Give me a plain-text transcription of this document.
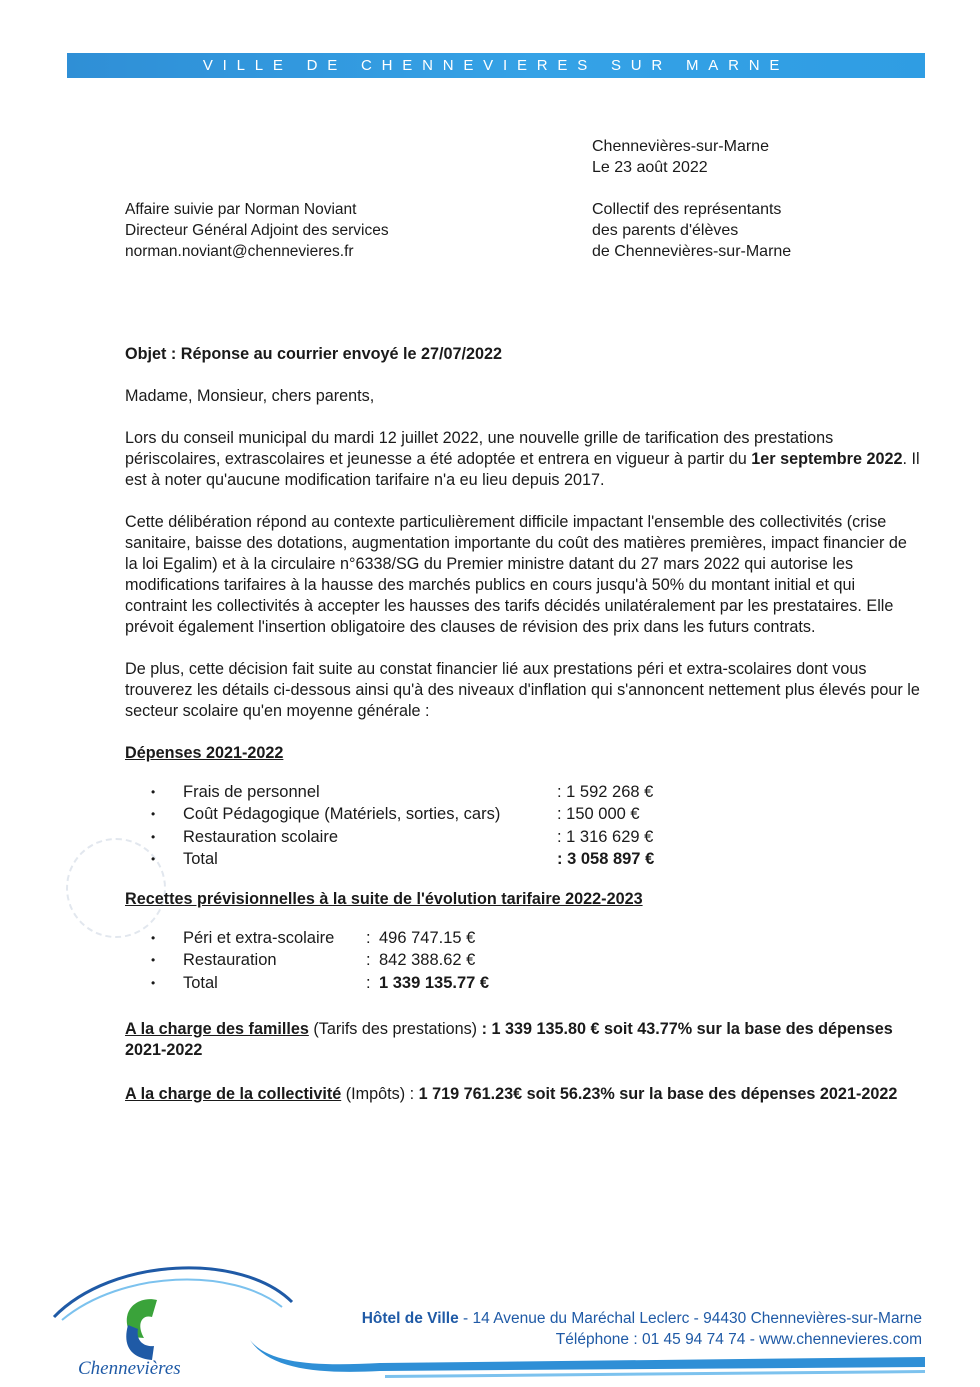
VILLE DE CHENNEVIERES SUR MARNE
Chennevières-sur-Marne
Le 23 août 2022
Affaire suivie par Norman Noviant
Directeur Général Adjoint des services
norman.noviant@chennevieres.fr
Collectif des représentants
des parents d'élèves
de Chennevières-sur-Marne

Objet : Réponse au courrier envoyé le 27/07/2022

Madame, Monsieur, chers parents,

Lors du conseil municipal du mardi 12 juillet 2022, une nouvelle grille de tarification des prestations périscolaires, extrascolaires et jeunesse a été adoptée et entrera en vigueur à partir du 1er septembre 2022. Il est à noter qu'aucune modification tarifaire n'a eu lieu depuis 2017.

Cette délibération répond au contexte particulièrement difficile impactant l'ensemble des collectivités (crise sanitaire, baisse des dotations, augmentation importante du coût des matières premières, impact financier de la loi Egalim) et à la circulaire n°6338/SG du Premier ministre datant du 27 mars 2022 qui autorise les modifications tarifaires à la hausse des marchés publics en cours jusqu'à 50% du montant initial et qui contraint les collectivités à accepter les hausses des tarifs décidés unilatéralement par les prestataires. Elle prévoit également l'insertion obligatoire des clauses de révision des prix dans les futurs contrats.

De plus, cette décision fait suite au constat financier lié aux prestations péri et extra-scolaires dont vous trouverez les détails ci-dessous ainsi qu'à des niveaux d'inflation qui s'annoncent nettement plus élevés pour le secteur scolaire qu'en moyenne générale :

Dépenses 2021-2022

•	Frais de personnel	: 1 592 268 €
•	Coût Pédagogique (Matériels, sorties, cars)	: 150 000 €
•	Restauration scolaire	: 1 316 629 €
•	Total	: 3 058 897 €

Recettes prévisionnelles à la suite de l'évolution tarifaire 2022-2023

•	Péri et extra-scolaire	: 496 747.15 €
•	Restauration	: 842 388.62 €
•	Total	: 1 339 135.77 €

A la charge des familles (Tarifs des prestations) : 1 339 135.80 € soit 43.77% sur la base des dépenses 2021-2022

A la charge de la collectivité (Impôts) : 1 719 761.23€ soit 56.23% sur la base des dépenses 2021-2022

Chennevières
Hôtel de Ville - 14 Avenue du Maréchal Leclerc - 94430 Chennevières-sur-Marne
Téléphone : 01 45 94 74 74 - www.chennevieres.com
